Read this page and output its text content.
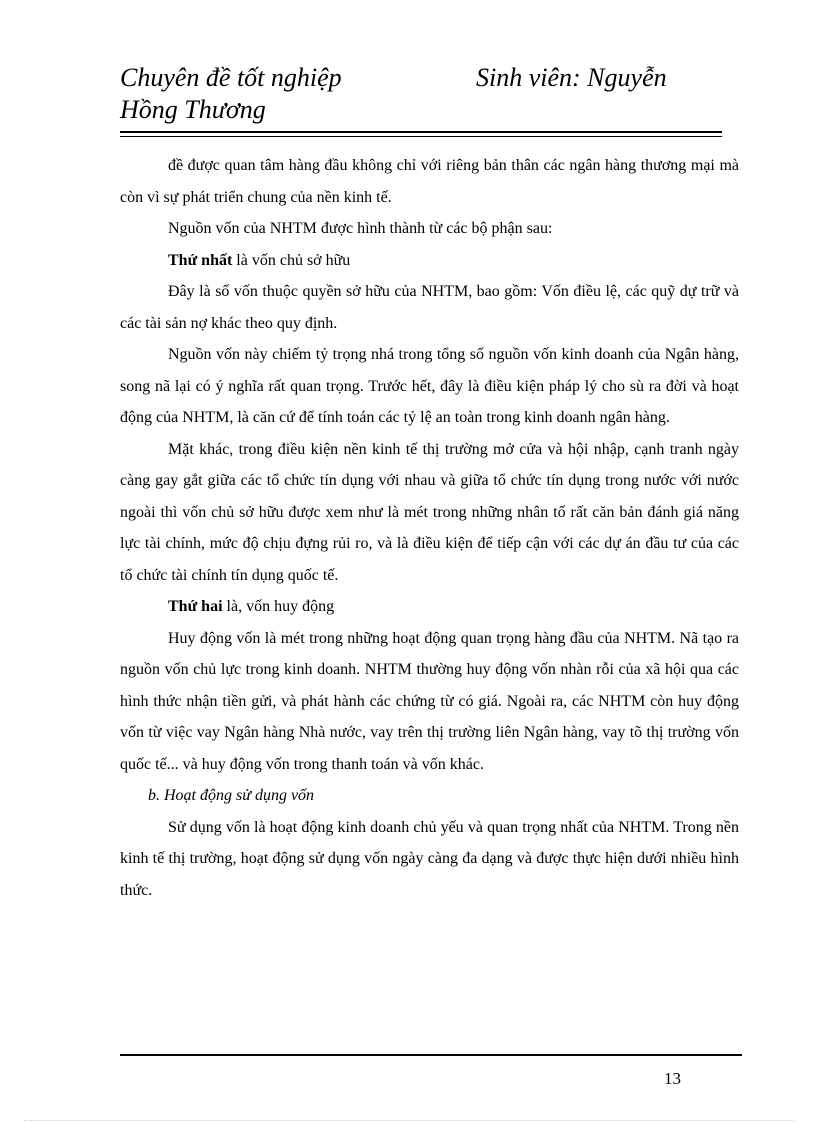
Chuyên đề tốt nghiệp	Sinh viên: Nguyễn
Hồng Thương

đề được quan tâm hàng đầu không chỉ với riêng bản thân các ngân hàng thương mại mà còn vì sự phát triển chung của nền kinh tế.

Nguồn vốn của NHTM được hình thành từ các bộ phận sau:

Thứ nhất là vốn chủ sở hữu

Đây là số vốn thuộc quyền sở hữu của NHTM, bao gồm: Vốn điều lệ, các quỹ dự trữ và các tài sản nợ khác theo quy định.

Nguồn vốn này chiếm tỷ trọng nhá trong tổng số nguồn vốn kinh doanh của Ngân hàng, song nã lại có ý nghĩa rất quan trọng. Trước hết, đây là điều kiện pháp lý cho sù ra đời và hoạt động của NHTM, là căn cứ để tính toán các tỷ lệ an toàn trong kinh doanh ngân hàng.

Mặt khác, trong điều kiện nền kinh tế thị trường mở cửa và hội nhập, cạnh tranh ngày càng gay gắt giữa các tổ chức tín dụng với nhau và giữa tổ chức tín dụng trong nước với nước ngoài thì vốn chủ sở hữu được xem như là mét trong những nhân tố rất căn bản đánh giá năng lực tài chính, mức độ chịu đựng rủi ro, và là điều kiện để tiếp cận với các dự án đầu tư của các tổ chức tài chính tín dụng quốc tế.

Thứ hai là, vốn huy động

Huy động vốn là mét trong những hoạt động quan trọng hàng đầu của NHTM. Nã tạo ra nguồn vốn chủ lực trong kinh doanh. NHTM thường huy động vốn nhàn rỗi của xã hội qua các hình thức nhận tiền gửi, và phát hành các chứng từ có giá. Ngoài ra, các NHTM còn huy động vốn từ việc vay Ngân hàng Nhà nước, vay trên thị trường liên Ngân hàng, vay tõ thị trường vốn quốc tế... và huy động vốn trong thanh toán và vốn khác.

b. Hoạt động sử dụng vốn

Sử dụng vốn là hoạt động kinh doanh chủ yếu và quan trọng nhất của NHTM. Trong nền kinh tế thị trường, hoạt động sử dụng vốn ngày càng đa dạng và được thực hiện dưới nhiều hình thức.

13
